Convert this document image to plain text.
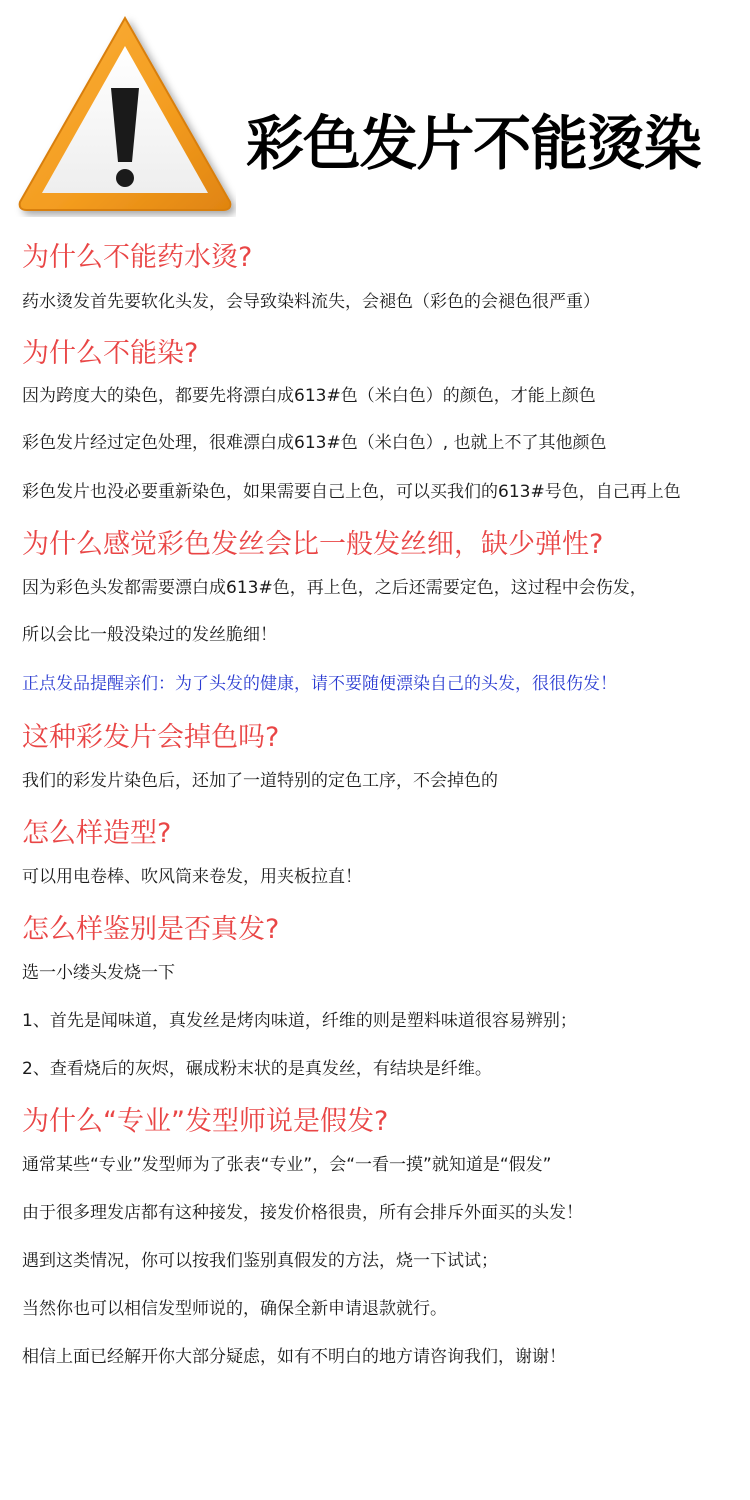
彩色发片不能烫染
为什么不能药水烫?
药水烫发首先要软化头发，会导致染料流失，会褪色（彩色的会褪色很严重）
为什么不能染?
因为跨度大的染色，都要先将漂白成613#色（米白色）的颜色，才能上颜色
彩色发片经过定色处理，很难漂白成613#色（米白色）, 也就上不了其他颜色
彩色发片也没必要重新染色，如果需要自己上色，可以买我们的613#号色，自己再上色
为什么感觉彩色发丝会比一般发丝细，缺少弹性?
因为彩色头发都需要漂白成613#色，再上色，之后还需要定色，这过程中会伤发，
所以会比一般没染过的发丝脆细！
正点发品提醒亲们：为了头发的健康，请不要随便漂染自己的头发，很很伤发！
这种彩发片会掉色吗?
我们的彩发片染色后，还加了一道特别的定色工序，不会掉色的
怎么样造型?
可以用电卷棒、吹风筒来卷发，用夹板拉直！
怎么样鉴别是否真发?
选一小缕头发烧一下
1、首先是闻味道，真发丝是烤肉味道，纤维的则是塑料味道很容易辨别；
2、查看烧后的灰烬，碾成粉末状的是真发丝，有结块是纤维。
为什么“专业”发型师说是假发?
通常某些“专业”发型师为了张表“专业”，会“一看一摸”就知道是“假发”
由于很多理发店都有这种接发，接发价格很贵，所有会排斥外面买的头发！
遇到这类情况，你可以按我们鉴别真假发的方法，烧一下试试；
当然你也可以相信发型师说的，确保全新申请退款就行。
相信上面已经解开你大部分疑虑，如有不明白的地方请咨询我们，谢谢！
